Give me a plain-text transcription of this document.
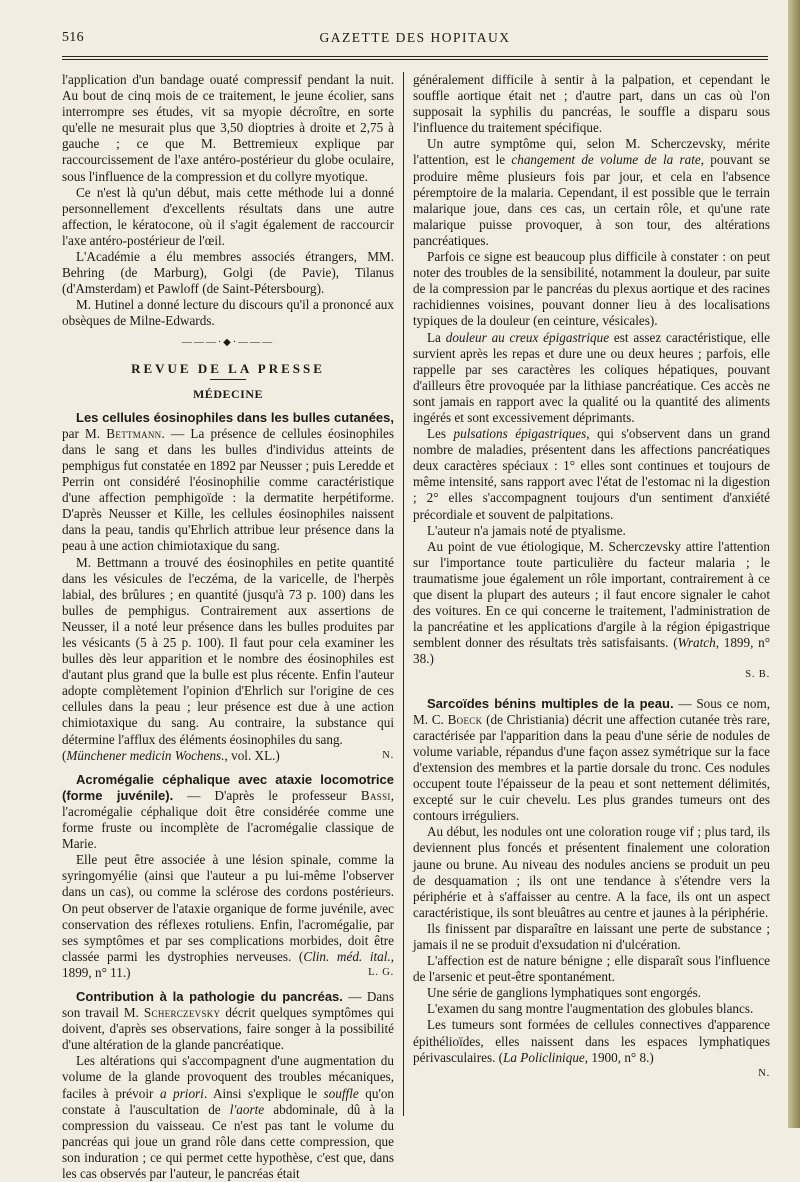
516	GAZETTE DES HOPITAUX

l'application d'un bandage ouaté compressif pendant la nuit. Au bout de cinq mois de ce traitement, le jeune écolier, sans interrompre ses études, vit sa myopie décroître, en sorte qu'elle ne mesurait plus que 3,50 dioptries à droite et 2,75 à gauche ; ce que M. Bettremieux explique par raccourcissement de l'axe antéro-postérieur du globe oculaire, sous l'influence de la compression et du collyre myotique.

Ce n'est là qu'un début, mais cette méthode lui a donné personnellement d'excellents résultats dans une autre affection, le kératocone, où il s'agit également de raccourcir l'axe antéro-postérieur de l'œil.

L'Académie a élu membres associés étrangers, MM. Behring (de Marburg), Golgi (de Pavie), Tilanus (d'Amsterdam) et Pawloff (de Saint-Pétersbourg).

M. Hutinel a donné lecture du discours qu'il a prononcé aux obsèques de Milne-Edwards.

———·◆·———
REVUE DE LA PRESSE
MÉDECINE

Les cellules éosinophiles dans les bulles cutanées, par M. Bettmann. — La présence de cellules éosinophiles dans le sang et dans les bulles d'individus atteints de pemphigus fut constatée en 1892 par Neusser ; puis Leredde et Perrin ont considéré l'éosinophilie comme caractéristique d'une affection pemphigoïde : la dermatite herpétiforme. D'après Neusser et Kille, les cellules éosinophiles naissent dans la peau, tandis qu'Ehrlich attribue leur présence dans la peau à une action chimiotaxique du sang.

M. Bettmann a trouvé des éosinophiles en petite quantité dans les vésicules de l'eczéma, de la varicelle, de l'herpès labial, des brûlures ; en quantité (jusqu'à 73 p. 100) dans les bulles de pemphigus. Contrairement aux assertions de Neusser, il a noté leur présence dans les bulles produites par les vésicants (5 à 25 p. 100). Il faut pour cela examiner les bulles dès leur apparition et le nombre des éosinophiles est d'autant plus grand que la bulle est plus récente. Enfin l'auteur adopte complètement l'opinion d'Ehrlich sur l'origine de ces cellules dans la peau ; leur présence est due à une action chimiotaxique du sang. Au contraire, la substance qui détermine l'afflux des éléments éosinophiles du sang.

(Münchener medicin Wochens., vol. XL.)	N.

Acromégalie céphalique avec ataxie locomotrice (forme juvénile). — D'après le professeur Bassi, l'acromégalie céphalique doit être considérée comme une forme fruste ou incomplète de l'acromégalie classique de Marie.

Elle peut être associée à une lésion spinale, comme la syringomyélie (ainsi que l'auteur a pu lui-même l'observer dans un cas), ou comme la sclérose des cordons postérieurs. On peut observer de l'ataxie organique de forme juvénile, avec conservation des réflexes rotuliens. Enfin, l'acromégalie, par ses symptômes et par ses complications morbides, doit être classée parmi les dystrophies nerveuses. (Clin. méd. ital., 1899, n° 11.)	L. G.

Contribution à la pathologie du pancréas. — Dans son travail M. Scherczevsky décrit quelques symptômes qui doivent, d'après ses observations, faire songer à la possibilité d'une altération de la glande pancréatique.

Les altérations qui s'accompagnent d'une augmentation du volume de la glande provoquent des troubles mécaniques, faciles à prévoir a priori. Ainsi s'explique le souffle qu'on constate à l'auscultation de l'aorte abdominale, dû à la compression du vaisseau. Ce n'est pas tant le volume du pancréas qui joue un grand rôle dans cette compression, que son induration ; ce qui permet cette hypothèse, c'est que, dans les cas observés par l'auteur, le pancréas était

généralement difficile à sentir à la palpation, et cependant le souffle aortique était net ; d'autre part, dans un cas où l'on supposait la syphilis du pancréas, le souffle a disparu sous l'influence du traitement spécifique.

Un autre symptôme qui, selon M. Scherczevsky, mérite l'attention, est le changement de volume de la rate, pouvant se produire même plusieurs fois par jour, et cela en l'absence péremptoire de la malaria. Cependant, il est possible que le terrain malarique joue, dans ces cas, un certain rôle, et qu'une rate malarique puisse provoquer, à son tour, des altérations pancréatiques.

Parfois ce signe est beaucoup plus difficile à constater : on peut noter des troubles de la sensibilité, notamment la douleur, par suite de la compression par le pancréas du plexus aortique et des racines rachidiennes voisines, pouvant donner lieu à des localisations typiques de la douleur (en ceinture, vésicales).

La douleur au creux épigastrique est assez caractéristique, elle survient après les repas et dure une ou deux heures ; parfois, elle rappelle par ses caractères les coliques hépatiques, pouvant d'ailleurs être provoquée par la lithiase pancréatique. Ces accès ne sont jamais en rapport avec la qualité ou la quantité des aliments ingérés et sont excessivement déprimants.

Les pulsations épigastriques, qui s'observent dans un grand nombre de maladies, présentent dans les affections pancréatiques deux caractères spéciaux : 1° elles sont continues et toujours de même intensité, sans rapport avec l'état de l'estomac ni la digestion ; 2° elles s'accompagnent toujours d'un sentiment d'anxiété précordiale et souvent de palpitations.

L'auteur n'a jamais noté de ptyalisme.

Au point de vue étiologique, M. Scherczevsky attire l'attention sur l'importance toute particulière du facteur malaria ; le traumatisme joue également un rôle important, contrairement à ce que disent la plupart des auteurs ; il faut encore signaler le cahot des voitures. En ce qui concerne le traitement, l'administration de la pancréatine et les applications d'argile à la région épigastrique semblent donner des résultats très satisfaisants. (Wratch, 1899, n° 38.)

S. B.

Sarcoïdes bénins multiples de la peau. — Sous ce nom, M. C. Boeck (de Christiania) décrit une affection cutanée très rare, caractérisée par l'apparition dans la peau d'une série de nodules de volume variable, répandus d'une façon assez symétrique sur la face d'extension des membres et la partie dorsale du tronc. Ces nodules occupent toute l'épaisseur de la peau et sont nettement délimités, excepté sur le cuir chevelu. Les plus grandes tumeurs ont des contours irréguliers.

Au début, les nodules ont une coloration rouge vif ; plus tard, ils deviennent plus foncés et présentent finalement une coloration jaune ou brune. Au niveau des nodules anciens se produit un peu de desquamation ; ils ont une tendance à s'étendre vers la périphérie et à s'affaisser au centre. A la face, ils ont un aspect caractéristique, ils sont bleuâtres au centre et jaunes à la périphérie.

Ils finissent par disparaître en laissant une perte de substance ; jamais il ne se produit d'exsudation ni d'ulcération.

L'affection est de nature bénigne ; elle disparaît sous l'influence de l'arsenic et peut-être spontanément.

Une série de ganglions lymphatiques sont engorgés.

L'examen du sang montre l'augmentation des globules blancs.

Les tumeurs sont formées de cellules connectives d'apparence épithélioïdes, elles naissent dans les espaces lymphatiques périvasculaires. (La Policlinique, 1900, n° 8.)

N.
